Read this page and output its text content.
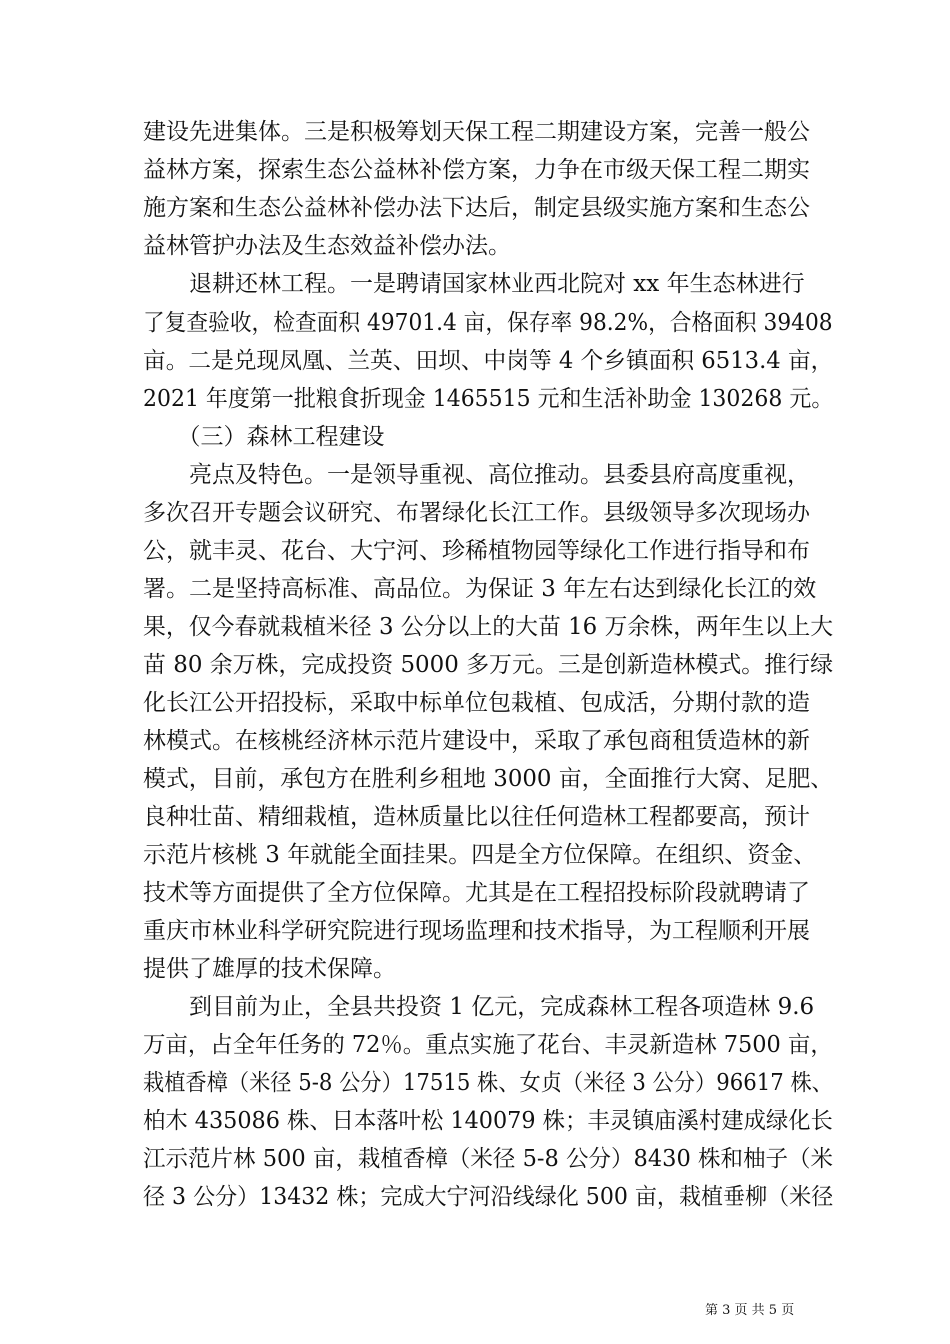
建设先进集体。三是积极筹划天保工程二期建设方案，完善一般公
益林方案，探索生态公益林补偿方案，力争在市级天保工程二期实
施方案和生态公益林补偿办法下达后，制定县级实施方案和生态公
益林管护办法及生态效益补偿办法。
　　退耕还林工程。一是聘请国家林业西北院对 xx 年生态林进行
了复查验收，检查面积 49701.4 亩，保存率 98.2%，合格面积 39408
亩。二是兑现凤凰、兰英、田坝、中岗等 4 个乡镇面积 6513.4 亩，
2021 年度第一批粮食折现金 1465515 元和生活补助金 130268 元。
　　（三）森林工程建设
　　亮点及特色。一是领导重视、高位推动。县委县府高度重视，
多次召开专题会议研究、布署绿化长江工作。县级领导多次现场办
公，就丰灵、花台、大宁河、珍稀植物园等绿化工作进行指导和布
署。二是坚持高标准、高品位。为保证 3 年左右达到绿化长江的效
果，仅今春就栽植米径 3 公分以上的大苗 16 万余株，两年生以上大
苗 80 余万株，完成投资 5000 多万元。三是创新造林模式。推行绿
化长江公开招投标，采取中标单位包栽植、包成活，分期付款的造
林模式。在核桃经济林示范片建设中，采取了承包商租赁造林的新
模式，目前，承包方在胜利乡租地 3000 亩，全面推行大窝、足肥、
良种壮苗、精细栽植，造林质量比以往任何造林工程都要高，预计
示范片核桃 3 年就能全面挂果。四是全方位保障。在组织、资金、
技术等方面提供了全方位保障。尤其是在工程招投标阶段就聘请了
重庆市林业科学研究院进行现场监理和技术指导，为工程顺利开展
提供了雄厚的技术保障。
　　到目前为止，全县共投资 1 亿元，完成森林工程各项造林 9.6
万亩，占全年任务的 72％。重点实施了花台、丰灵新造林 7500 亩，
栽植香樟（米径 5-8 公分）17515 株、女贞（米径 3 公分）96617 株、
柏木 435086 株、日本落叶松 140079 株；丰灵镇庙溪村建成绿化长
江示范片林 500 亩，栽植香樟（米径 5-8 公分）8430 株和柚子（米
径 3 公分）13432 株；完成大宁河沿线绿化 500 亩，栽植垂柳（米径
第 3 页 共 5 页
